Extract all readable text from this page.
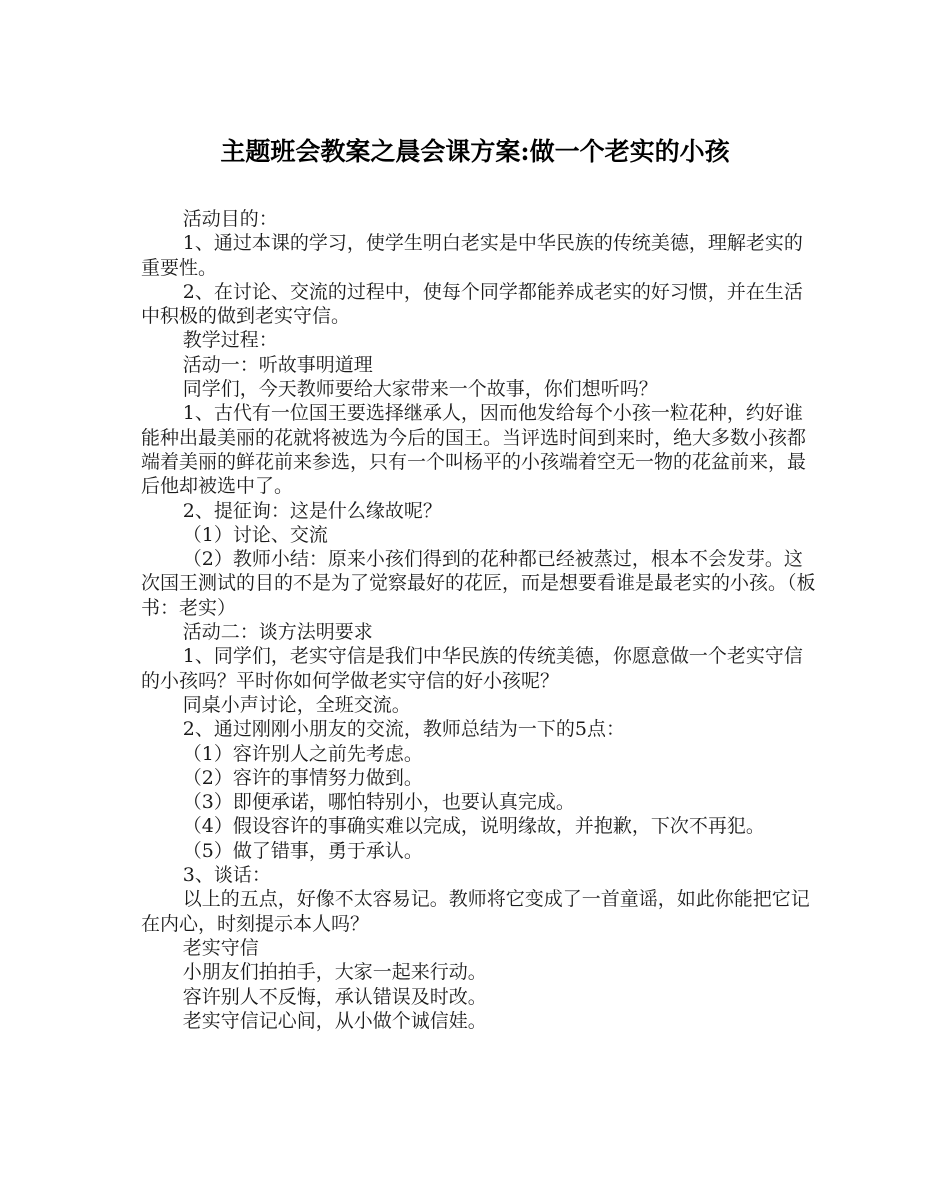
主题班会教案之晨会课方案:做一个老实的小孩

活动目的：

1、通过本课的学习，使学生明白老实是中华民族的传统美德，理解老实的重要性。

2、在讨论、交流的过程中，使每个同学都能养成老实的好习惯，并在生活中积极的做到老实守信。

教学过程：

活动一：听故事明道理

同学们，今天教师要给大家带来一个故事，你们想听吗？

1、古代有一位国王要选择继承人，因而他发给每个小孩一粒花种，约好谁能种出最美丽的花就将被选为今后的国王。当评选时间到来时，绝大多数小孩都端着美丽的鲜花前来参选，只有一个叫杨平的小孩端着空无一物的花盆前来，最后他却被选中了。

2、提征询：这是什么缘故呢？

（1）讨论、交流

（2）教师小结：原来小孩们得到的花种都已经被蒸过，根本不会发芽。这次国王测试的目的不是为了觉察最好的花匠，而是想要看谁是最老实的小孩。（板书：老实）

活动二：谈方法明要求

1、同学们，老实守信是我们中华民族的传统美德，你愿意做一个老实守信的小孩吗？平时你如何学做老实守信的好小孩呢？

同桌小声讨论，全班交流。

2、通过刚刚小朋友的交流，教师总结为一下的5点：

（1）容许别人之前先考虑。

（2）容许的事情努力做到。

（3）即便承诺，哪怕特别小，也要认真完成。

（4）假设容许的事确实难以完成，说明缘故，并抱歉，下次不再犯。

（5）做了错事，勇于承认。

3、谈话：

以上的五点，好像不太容易记。教师将它变成了一首童谣，如此你能把它记在内心，时刻提示本人吗？

老实守信

小朋友们拍拍手，大家一起来行动。

容许别人不反悔，承认错误及时改。

老实守信记心间，从小做个诚信娃。
